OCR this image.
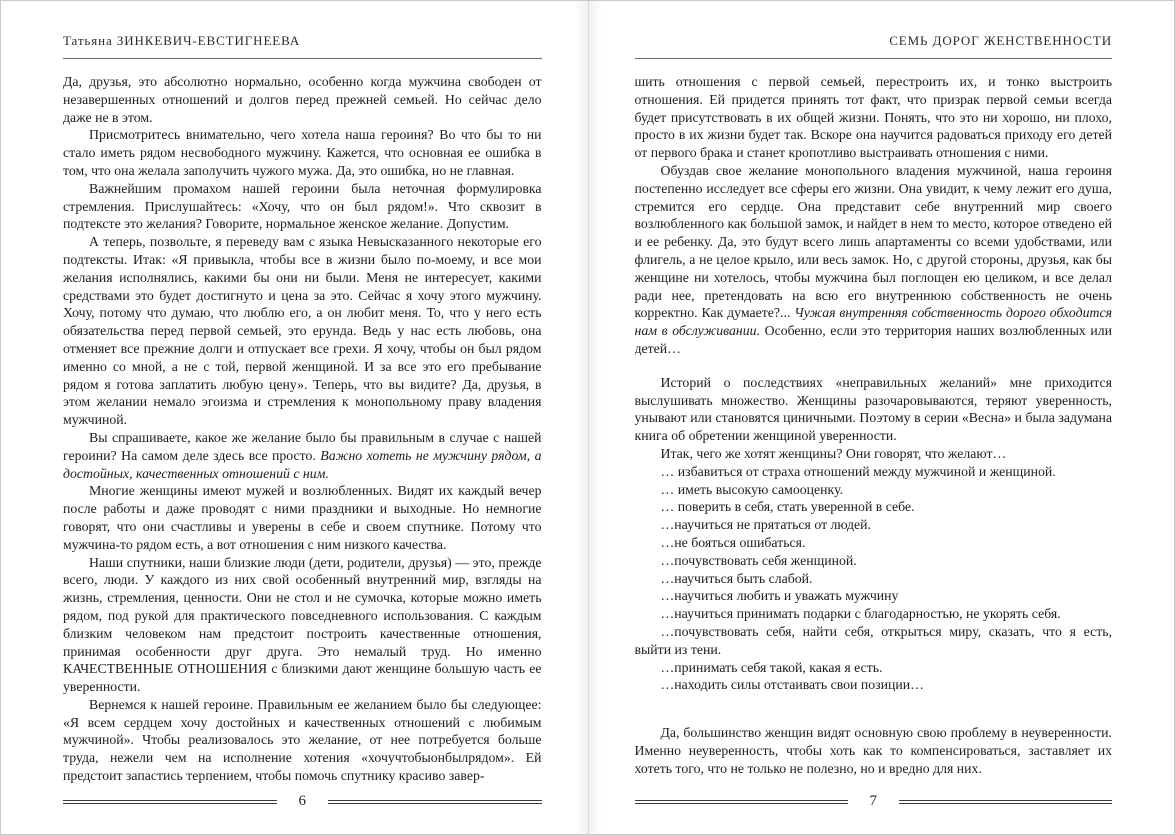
Татьяна ЗИНКЕВИЧ-ЕВСТИГНЕЕВА

Да, друзья, это абсолютно нормально, особенно когда мужчина свободен от незавершенных отношений и долгов перед прежней семьей. Но сейчас дело даже не в этом.

Присмотритесь внимательно, чего хотела наша героиня? Во что бы то ни стало иметь рядом несвободного мужчину. Кажется, что основная ее ошибка в том, что она желала заполучить чужого мужа. Да, это ошибка, но не главная.

Важнейшим промахом нашей героини была неточная формулировка стремления. Прислушайтесь: «Хочу, что он был рядом!». Что сквозит в подтексте это желания? Говорите, нормальное женское желание. Допустим.

А теперь, позвольте, я переведу вам с языка Невысказанного некоторые его подтексты. Итак: «Я привыкла, чтобы все в жизни было по-моему, и все мои желания исполнялись, какими бы они ни были. Меня не интересует, какими средствами это будет достигнуто и цена за это. Сейчас я хочу этого мужчину. Хочу, потому что думаю, что люблю его, а он любит меня. То, что у него есть обязательства перед первой семьей, это ерунда. Ведь у нас есть любовь, она отменяет все прежние долги и отпускает все грехи. Я хочу, чтобы он был рядом именно со мной, а не с той, первой женщиной. И за все это его пребывание рядом я готова заплатить любую цену». Теперь, что вы видите? Да, друзья, в этом желании немало эгоизма и стремления к монопольному праву владения мужчиной.

Вы спрашиваете, какое же желание было бы правильным в случае с нашей героини? На самом деле здесь все просто. Важно хотеть не мужчину рядом, а достойных, качественных отношений с ним.

Многие женщины имеют мужей и возлюбленных. Видят их каждый вечер после работы и даже проводят с ними праздники и выходные. Но немногие говорят, что они счастливы и уверены в себе и своем спутнике. Потому что мужчина-то рядом есть, а вот отношения с ним низкого качества.

Наши спутники, наши близкие люди (дети, родители, друзья) — это, прежде всего, люди. У каждого из них свой особенный внутренний мир, взгляды на жизнь, стремления, ценности. Они не стол и не сумочка, которые можно иметь рядом, под рукой для практического повседневного использования. С каждым близким человеком нам предстоит построить качественные отношения, принимая особенности друг друга. Это немалый труд. Но именно КАЧЕСТВЕННЫЕ ОТНОШЕНИЯ с близкими дают женщине большую часть ее уверенности.

Вернемся к нашей героине. Правильным ее желанием было бы следующее: «Я всем сердцем хочу достойных и качественных отношений с любимым мужчиной». Чтобы реализовалось это желание, от нее потребуется больше труда, нежели чем на исполнение хотения «хочучтобыонбылрядом». Ей предстоит запастись терпением, чтобы помочь спутнику красиво завер-

6
СЕМЬ ДОРОГ ЖЕНСТВЕННОСТИ

шить отношения с первой семьей, перестроить их, и тонко выстроить отношения. Ей придется принять тот факт, что призрак первой семьи всегда будет присутствовать в их общей жизни. Понять, что это ни хорошо, ни плохо, просто в их жизни будет так. Вскоре она научится радоваться приходу его детей от первого брака и станет кропотливо выстраивать отношения с ними.

Обуздав свое желание монопольного владения мужчиной, наша героиня постепенно исследует все сферы его жизни. Она увидит, к чему лежит его душа, стремится его сердце. Она представит себе внутренний мир своего возлюбленного как большой замок, и найдет в нем то место, которое отведено ей и ее ребенку. Да, это будут всего лишь апартаменты со всеми удобствами, или флигель, а не целое крыло, или весь замок. Но, с другой стороны, друзья, как бы женщине ни хотелось, чтобы мужчина был поглощен ею целиком, и все делал ради нее, претендовать на всю его внутреннюю собственность не очень корректно. Как думаете?... Чужая внутренняя собственность дорого обходится нам в обслуживании. Особенно, если это территория наших возлюбленных или детей…

Историй о последствиях «неправильных желаний» мне приходится выслушивать множество. Женщины разочаровываются, теряют уверенность, унывают или становятся циничными. Поэтому в серии «Весна» и была задумана книга об обретении женщиной уверенности.

Итак, чего же хотят женщины? Они говорят, что желают…

… избавиться от страха отношений между мужчиной и женщиной.

… иметь высокую самооценку.

… поверить в себя, стать уверенной в себе.

…научиться не прятаться от людей.

…не бояться ошибаться.

…почувствовать себя женщиной.

…научиться быть слабой.

…научиться любить и уважать мужчину

…научиться принимать подарки с благодарностью, не укорять себя.

…почувствовать себя, найти себя, открыться миру, сказать, что я есть, выйти из тени.

…принимать себя такой, какая я есть.

…находить силы отстаивать свои позиции…

Да, большинство женщин видят основную свою проблему в неуверенности. Именно неуверенность, чтобы хоть как то компенсироваться, заставляет их хотеть того, что не только не полезно, но и вредно для них.

7
